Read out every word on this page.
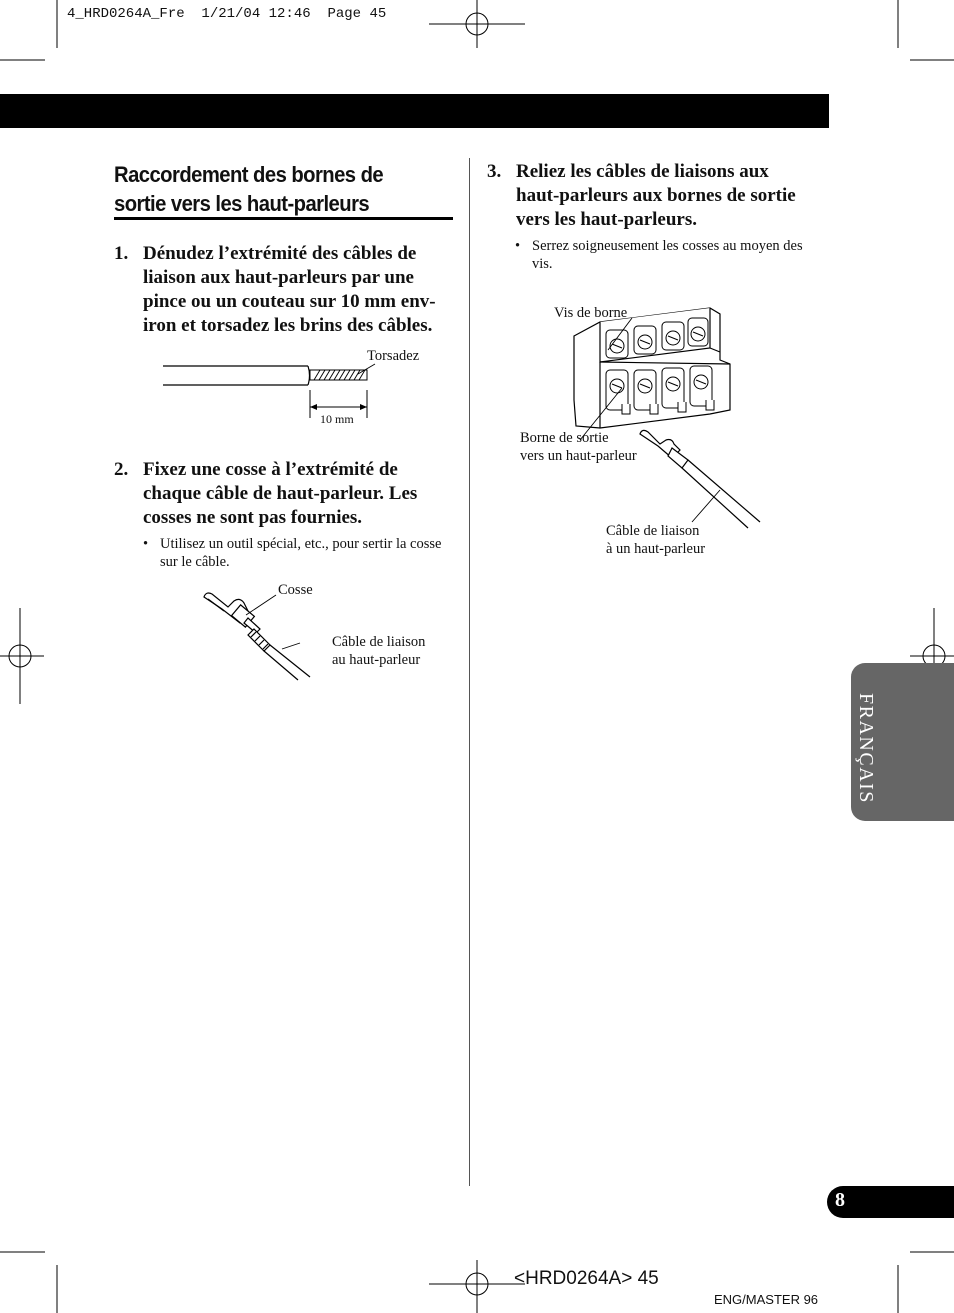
4_HRD0264A_Fre  1/21/04 12:46  Page 45
Raccordement des bornes de sortie vers les haut-parleurs
1. Dénudez l’extrémité des câbles de liaison aux haut-parleurs par une pince ou un couteau sur 10 mm env-iron et torsadez les brins des câbles.
Torsadez
10 mm
2. Fixez une cosse à l’extrémité de chaque câble de haut-parleur. Les cosses ne sont pas fournies.
• Utilisez un outil spécial, etc., pour sertir la cosse sur le câble.
Cosse
Câble de liaison
au haut-parleur
3. Reliez les câbles de liaisons aux haut-parleurs aux bornes de sortie vers les haut-parleurs.
• Serrez soigneusement les cosses au moyen des vis.
Vis de borne
Borne de sortie
vers un haut-parleur
Câble de liaison
à un haut-parleur
FRANÇAIS
8
<HRD0264A> 45
ENG/MASTER 96
